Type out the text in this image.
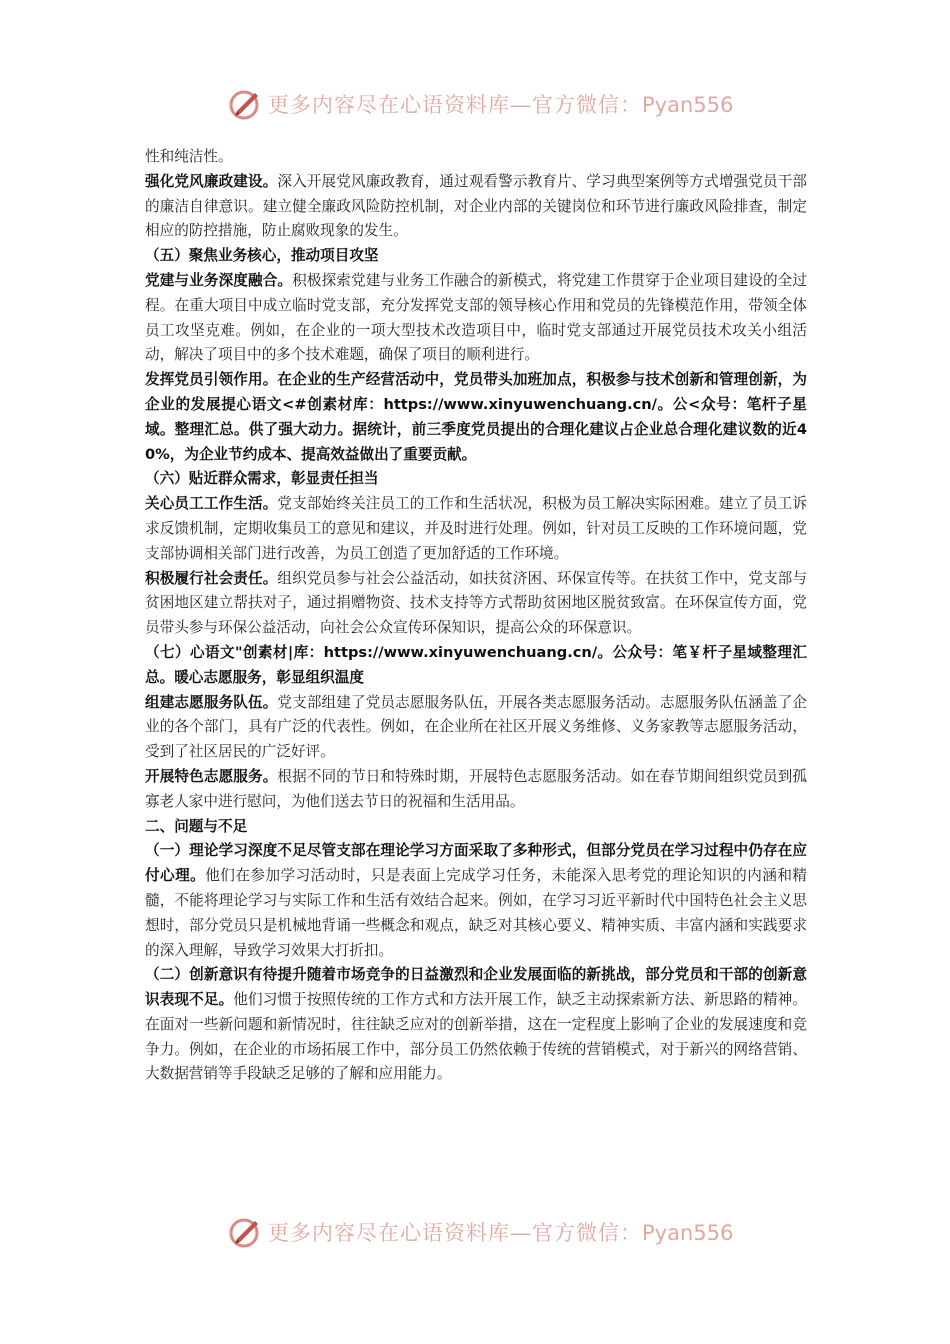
更多内容尽在心语资料库—官方微信：Pyan556

性和纯洁性。

强化党风廉政建设。深入开展党风廉政教育，通过观看警示教育片、学习典型案例等方式增强党员干部的廉洁自律意识。建立健全廉政风险防控机制，对企业内部的关键岗位和环节进行廉政风险排查，制定相应的防控措施，防止腐败现象的发生。

（五）聚焦业务核心，推动项目攻坚

党建与业务深度融合。积极探索党建与业务工作融合的新模式，将党建工作贯穿于企业项目建设的全过程。在重大项目中成立临时党支部，充分发挥党支部的领导核心作用和党员的先锋模范作用，带领全体员工攻坚克难。例如，在企业的一项大型技术改造项目中，临时党支部通过开展党员技术攻关小组活动，解决了项目中的多个技术难题，确保了项目的顺利进行。

发挥党员引领作用。在企业的生产经营活动中，党员带头加班加点，积极参与技术创新和管理创新，为企业的发展提心语文<#创素材库：https://www.xinyuwenchuang.cn/。公<众号：笔杆子星域。整理汇总。供了强大动力。据统计，前三季度党员提出的合理化建议占企业总合理化建议数的近40%，为企业节约成本、提高效益做出了重要贡献。

（六）贴近群众需求，彰显责任担当

关心员工工作生活。党支部始终关注员工的工作和生活状况，积极为员工解决实际困难。建立了员工诉求反馈机制，定期收集员工的意见和建议，并及时进行处理。例如，针对员工反映的工作环境问题，党支部协调相关部门进行改善，为员工创造了更加舒适的工作环境。

积极履行社会责任。组织党员参与社会公益活动，如扶贫济困、环保宣传等。在扶贫工作中，党支部与贫困地区建立帮扶对子，通过捐赠物资、技术支持等方式帮助贫困地区脱贫致富。在环保宣传方面，党员带头参与环保公益活动，向社会公众宣传环保知识，提高公众的环保意识。

（七）心语文"创素材|库：https://www.xinyuwenchuang.cn/。公众号：笔￥杆子星域整理汇总。暖心志愿服务，彰显组织温度

组建志愿服务队伍。党支部组建了党员志愿服务队伍，开展各类志愿服务活动。志愿服务队伍涵盖了企业的各个部门，具有广泛的代表性。例如，在企业所在社区开展义务维修、义务家教等志愿服务活动，受到了社区居民的广泛好评。

开展特色志愿服务。根据不同的节日和特殊时期，开展特色志愿服务活动。如在春节期间组织党员到孤寡老人家中进行慰问，为他们送去节日的祝福和生活用品。

二、问题与不足

（一）理论学习深度不足尽管支部在理论学习方面采取了多种形式，但部分党员在学习过程中仍存在应付心理。他们在参加学习活动时，只是表面上完成学习任务，未能深入思考党的理论知识的内涵和精髓，不能将理论学习与实际工作和生活有效结合起来。例如，在学习习近平新时代中国特色社会主义思想时，部分党员只是机械地背诵一些概念和观点，缺乏对其核心要义、精神实质、丰富内涵和实践要求的深入理解，导致学习效果大打折扣。

（二）创新意识有待提升随着市场竞争的日益激烈和企业发展面临的新挑战，部分党员和干部的创新意识表现不足。他们习惯于按照传统的工作方式和方法开展工作，缺乏主动探索新方法、新思路的精神。在面对一些新问题和新情况时，往往缺乏应对的创新举措，这在一定程度上影响了企业的发展速度和竞争力。例如，在企业的市场拓展工作中，部分员工仍然依赖于传统的营销模式，对于新兴的网络营销、大数据营销等手段缺乏足够的了解和应用能力。

更多内容尽在心语资料库—官方微信：Pyan556
